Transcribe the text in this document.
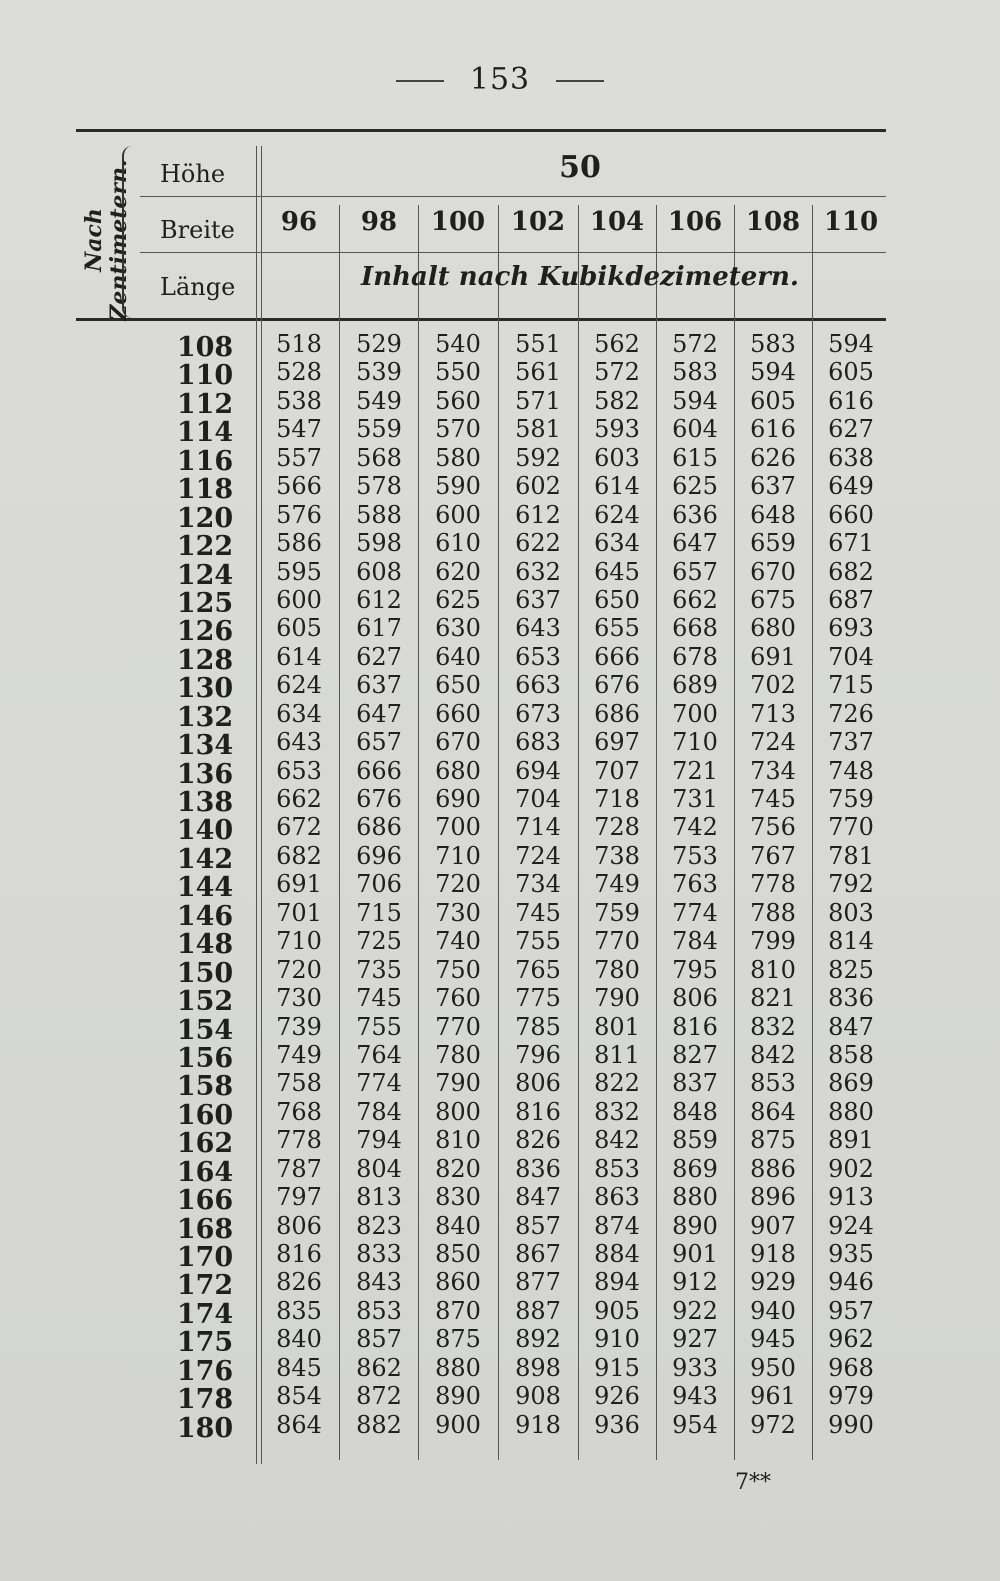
153
Nach Zentimetern. Höhe
Breite
Länge
50
96	98	100 102 104 106 108 110
Inhalt nach Kubikdezimetern.
108
110
112
114
116
118
120
122
124
125
126
128
130
132
134
136
138
140
142
144
146
148
150
152
154
156
158
160
162
164
166
168
170
172
174
175
176
178
180
518
528
538
547
557
566
576
586
595
600
605
614
624
634
643
653
662
672
682
691
701
710
720
730
739
749
758
768
778
787
797
806
816
826
835
840
845
854
864
529
539
549
559
568
578
588
598
608
612
617
627
637
647
657
666
676
686
696
706
715
725
735
745
755
764
774
784
794
804
813
823
833
843
853
857
862
872
882
540
550
560
570
580
590
600
610
620
625
630
640
650
660
670
680
690
700
710
720
730
740
750
760
770
780
790
800
810
820
830
840
850
860
870
875
880
890
900
551
561
571
581
592
602
612
622
632
637
643
653
663
673
683
694
704
714
724
734
745
755
765
775
785
796
806
816
826
836
847
857
867
877
887
892
898
908
918
562
572
582
593
603
614
624
634
645
650
655
666
676
686
697
707
718
728
738
749
759
770
780
790
801
811
822
832
842
853
863
874
884
894
905
910
915
926
936
572
583
594
604
615
625
636
647
657
662
668
678
689
700
710
721
731
742
753
763
774
784
795
806
816
827
837
848
859
869
880
890
901
912
922
927
933
943
954
583
594
605
616
626
637
648
659
670
675
680
691
702
713
724
734
745
756
767
778
788
799
810
821
832
842
853
864
875
886
896
907
918
929
940
945
950
961
972
594
605
616
627
638
649
660
671
682
687
693
704
715
726
737
748
759
770
781
792
803
814
825
836
847
858
869
880
891
902
913
924
935
946
957
962
968
979
990
7**
